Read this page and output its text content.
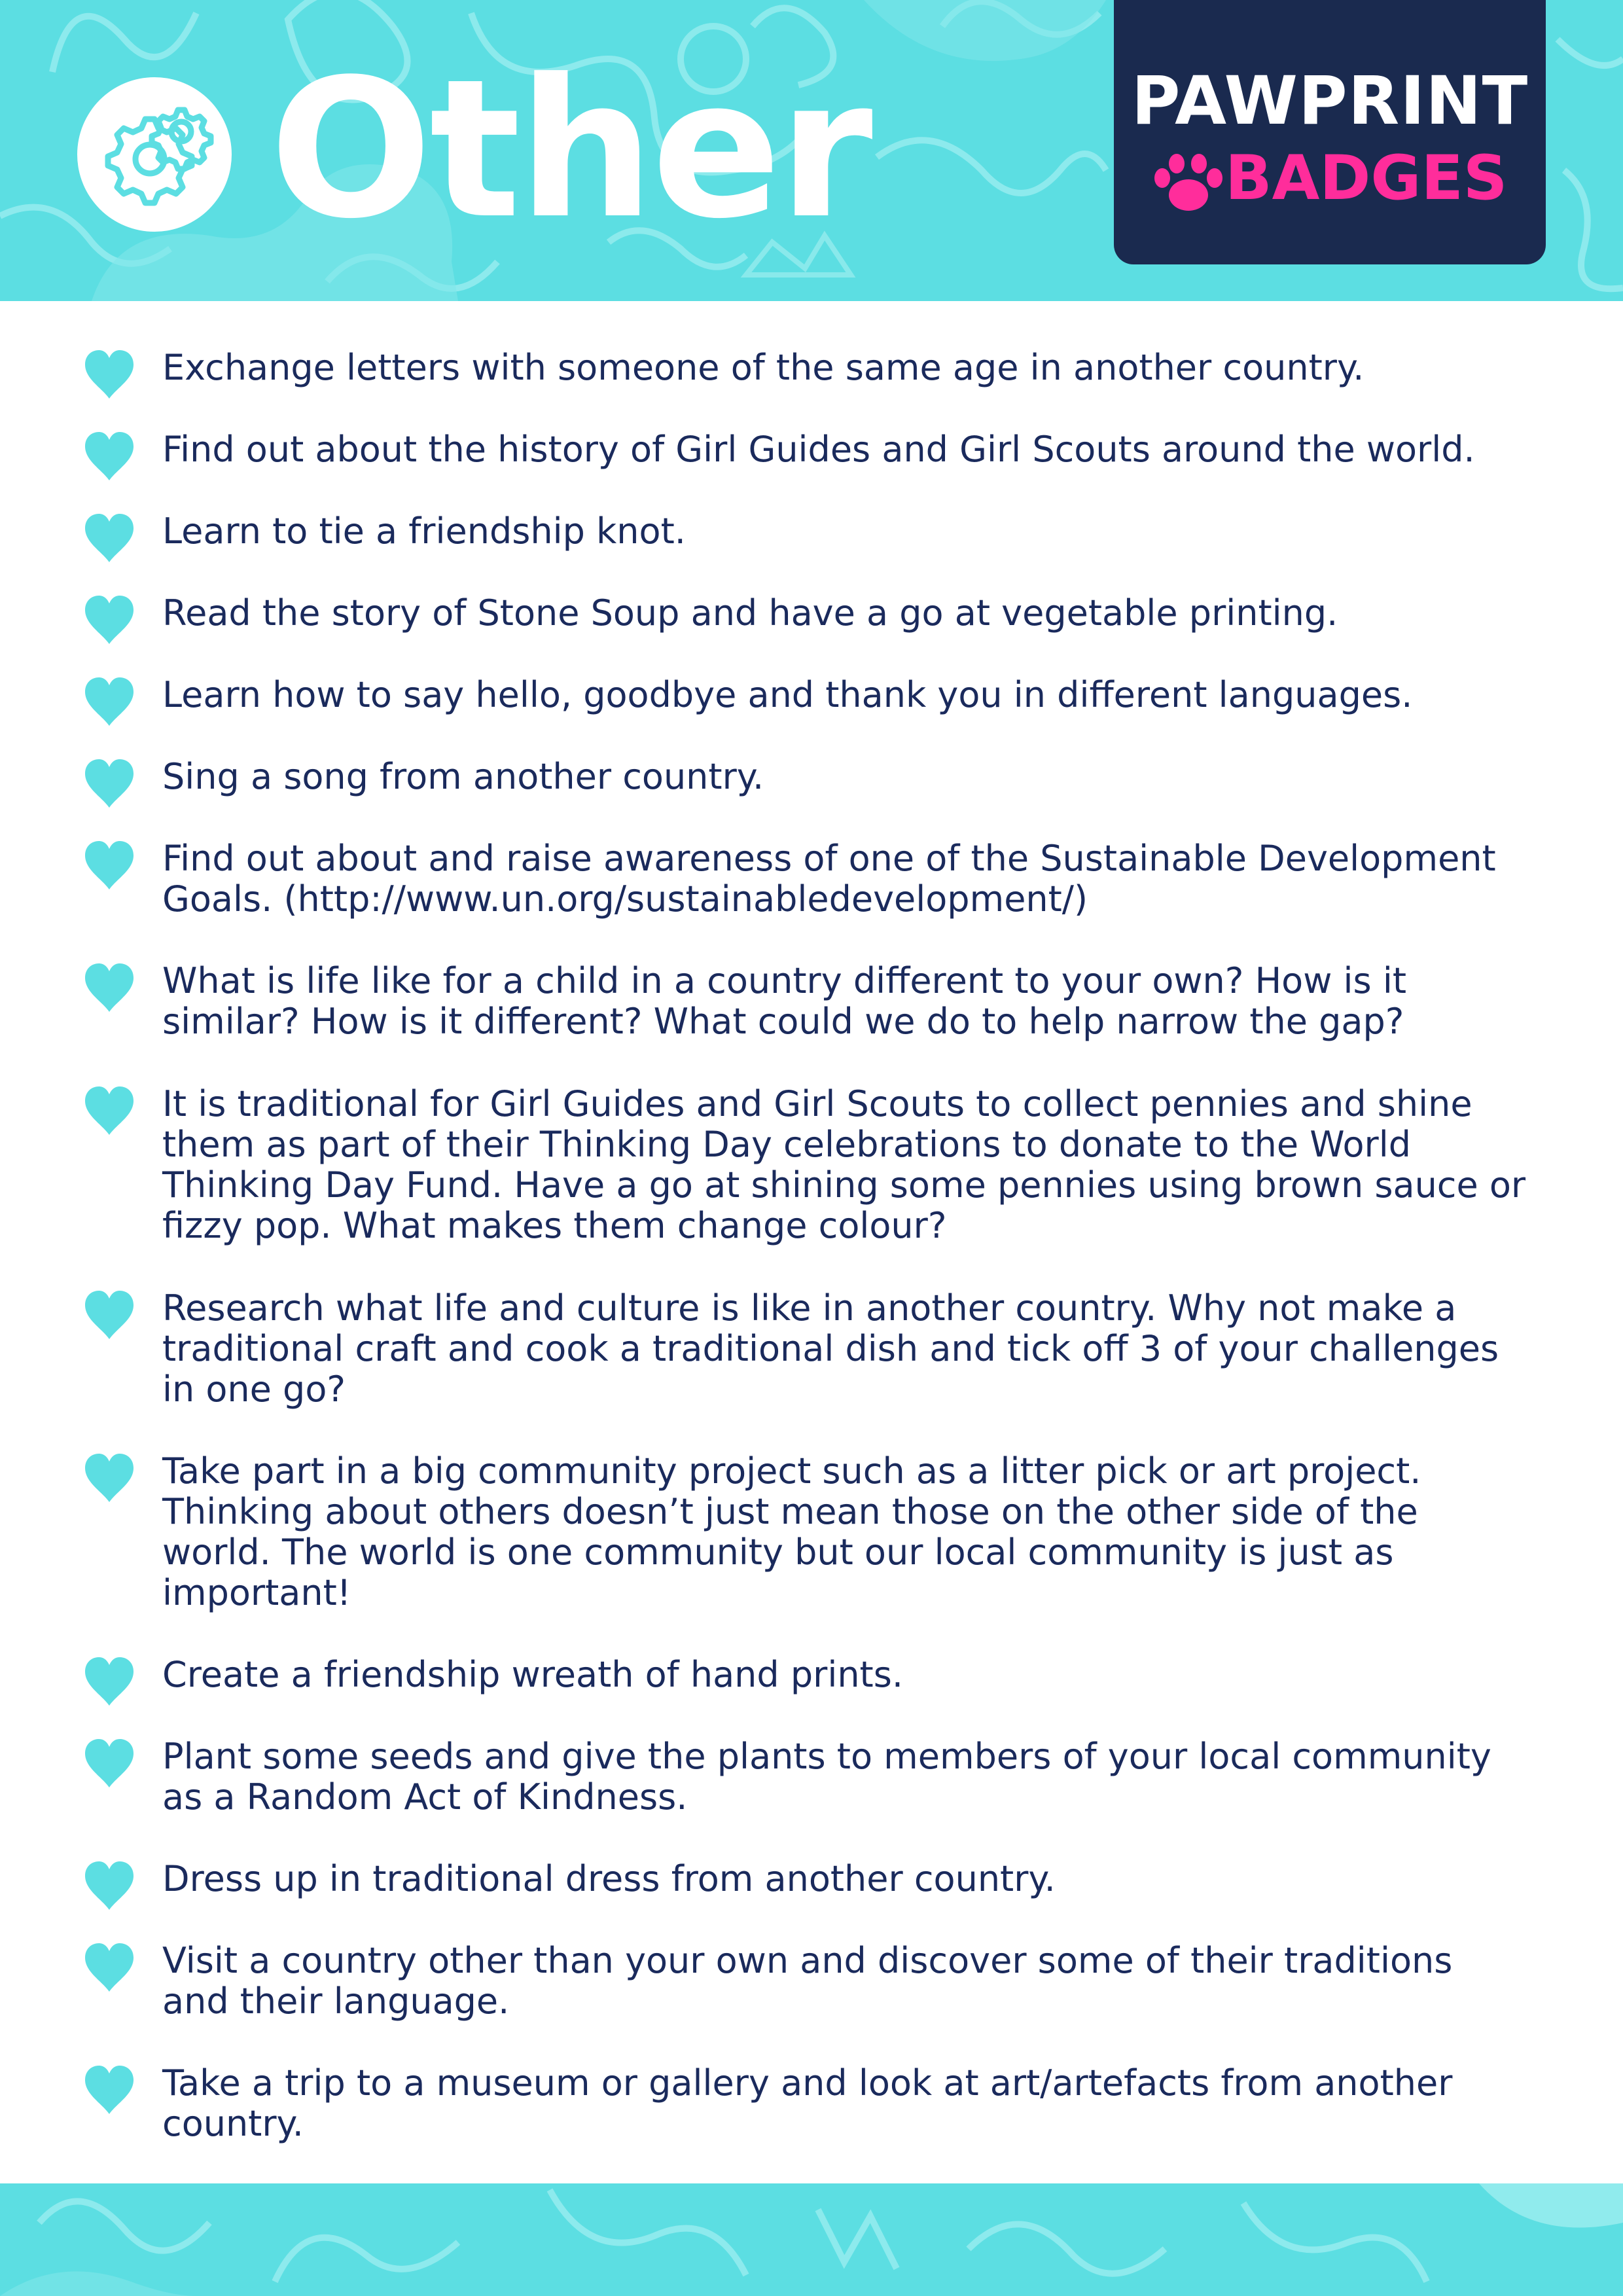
Other	PAWPRINT
BADGES
Exchange letters with someone of the same age in another country.
Find out about the history of Girl Guides and Girl Scouts around the world.
Learn to tie a friendship knot.
Read the story of Stone Soup and have a go at vegetable printing.
Learn how to say hello, goodbye and thank you in different languages.
Sing a song from another country.
Find out about and raise awareness of one of the Sustainable Development
Goals. (http://www.un.org/sustainabledevelopment/)
What is life like for a child in a country different to your own? How is it
similar? How is it different? What could we do to help narrow the gap?
It is traditional for Girl Guides and Girl Scouts to collect pennies and shine
them as part of their Thinking Day celebrations to donate to the World
Thinking Day Fund. Have a go at shining some pennies using brown sauce or
fizzy pop. What makes them change colour?
Research what life and culture is like in another country. Why not make a
traditional craft and cook a traditional dish and tick off 3 of your challenges
in one go?
Take part in a big community project such as a litter pick or art project.
Thinking about others doesn’t just mean those on the other side of the
world. The world is one community but our local community is just as
important!
Create a friendship wreath of hand prints.
Plant some seeds and give the plants to members of your local community
as a Random Act of Kindness.
Dress up in traditional dress from another country.
Visit a country other than your own and discover some of their traditions
and their language.
Take a trip to a museum or gallery and look at art/artefacts from another
country.
